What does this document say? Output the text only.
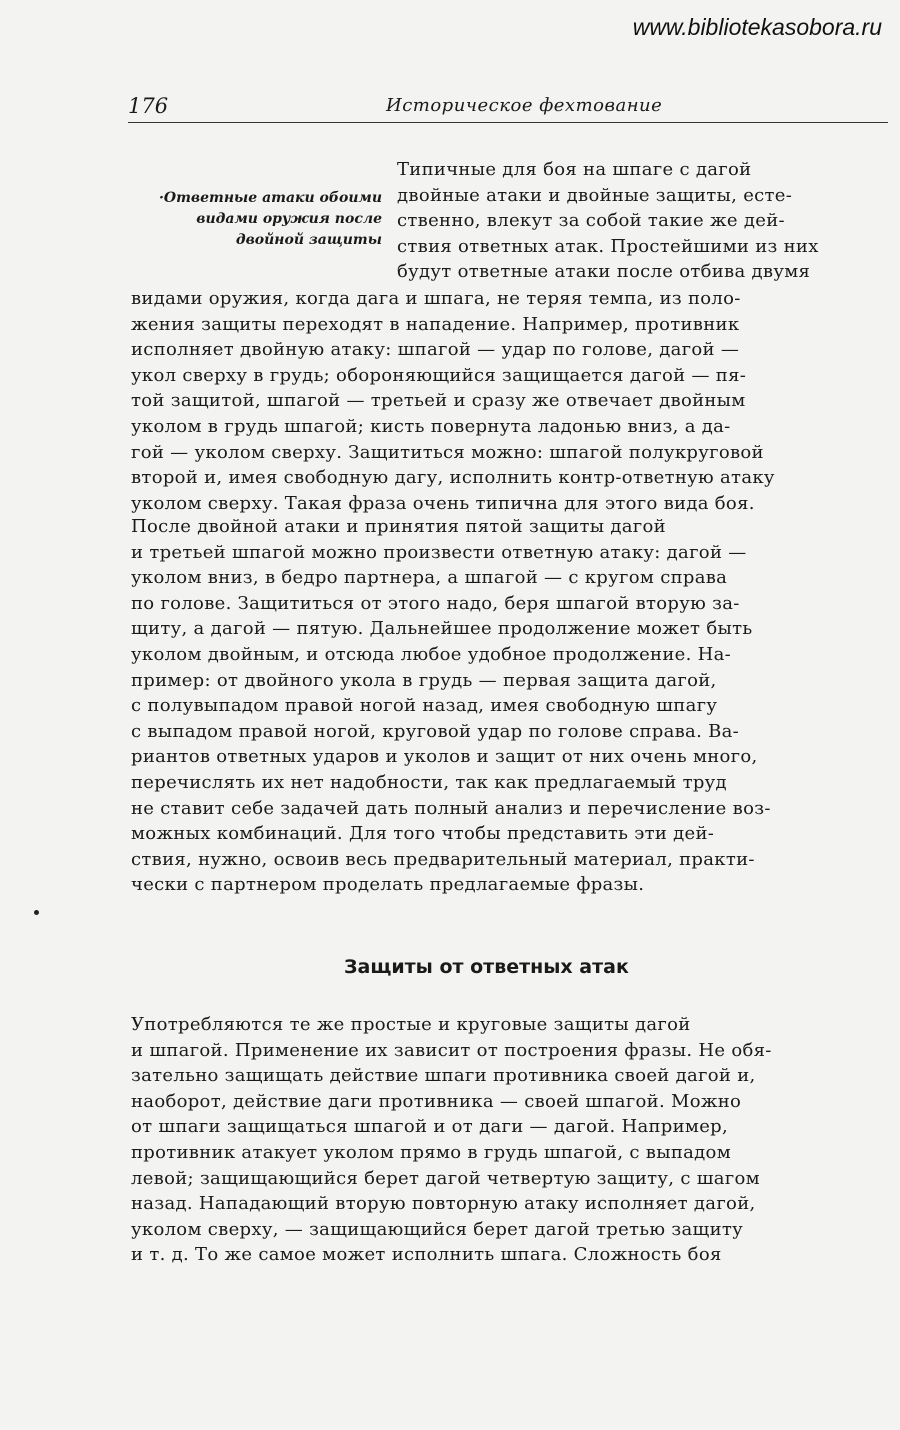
www.bibliotekasobora.ru
176	Историческое фехтование
·Ответные атаки обоими
видами оружия после
двойной защиты
Типичные для боя на шпаге с дагой
двойные атаки и двойные защиты, есте-
ственно, влекут за собой такие же дей-
ствия ответных атак. Простейшими из них
будут ответные атаки после отбива двумя
видами оружия, когда дага и шпага, не теряя темпа, из поло-
жения защиты переходят в нападение. Например, противник
исполняет двойную атаку: шпагой — удар по голове, дагой —
укол сверху в грудь; обороняющийся защищается дагой — пя-
той защитой, шпагой — третьей и сразу же отвечает двойным
уколом в грудь шпагой; кисть повернута ладонью вниз, а да-
гой — уколом сверху. Защититься можно: шпагой полукруговой
второй и, имея свободную дагу, исполнить контр-ответную атаку
уколом сверху. Такая фраза очень типична для этого вида боя.
После двойной атаки и принятия пятой защиты дагой
и третьей шпагой можно произвести ответную атаку: дагой —
уколом вниз, в бедро партнера, а шпагой — с кругом справа
по голове. Защититься от этого надо, беря шпагой вторую за-
щиту, а дагой — пятую. Дальнейшее продолжение может быть
уколом двойным, и отсюда любое удобное продолжение. На-
пример: от двойного укола в грудь — первая защита дагой,
с полувыпадом правой ногой назад, имея свободную шпагу
с выпадом правой ногой, круговой удар по голове справа. Ва-
риантов ответных ударов и уколов и защит от них очень много,
перечислять их нет надобности, так как предлагаемый труд
не ставит себе задачей дать полный анализ и перечисление воз-
можных комбинаций. Для того чтобы представить эти дей-
ствия, нужно, освоив весь предварительный материал, практи-
чески с партнером проделать предлагаемые фразы.
Защиты от ответных атак
Употребляются те же простые и круговые защиты дагой
и шпагой. Применение их зависит от построения фразы. Не обя-
зательно защищать действие шпаги противника своей дагой и,
наоборот, действие даги противника — своей шпагой. Можно
от шпаги защищаться шпагой и от даги — дагой. Например,
противник атакует уколом прямо в грудь шпагой, с выпадом
левой; защищающийся берет дагой четвертую защиту, с шагом
назад. Нападающий вторую повторную атаку исполняет дагой,
уколом сверху, — защищающийся берет дагой третью защиту
и т. д. То же самое может исполнить шпага. Сложность боя
